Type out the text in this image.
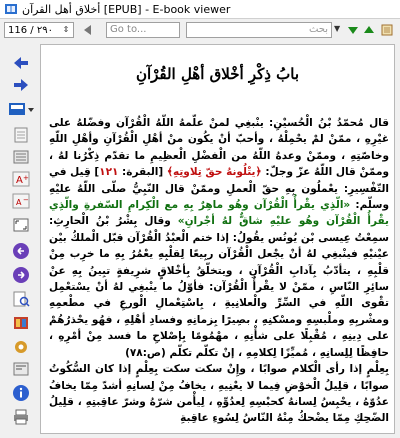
أخلاق أهل القرآن [EPUB] - E-book viewer
116 / ٢٩٠	⇕	Go to...	بحث ▼
A +
A −
بابُ ذِكْرِ أخْلاق أهْلِ القُرْآنِ

قال مُحمّدُ بْنُ الْحُسيْنِ: ينْبغِي لمنْ علّمهُ اللّهُ الْقُرْآن وفضّلهُ على غيْرِهِ ، ممّنْ لمْ يحْمِلْهُ ، وأحبّ أنْ يكُون منْ أهْلِ الْقُرْآنِ وأهْلِ اللّهِ وخاصّتِهِ ، وممّنْ وعدهُ اللّهُ من الْفضْلِ الْعظِيمِ ما تقدّم ذِكْرُنا لهُ ، وممّنْ قال اللّهُ عزّ وجلّ: ﴿يتْلُونهُ حقّ تِلاوتِهِ﴾ [البقرة: ١٢١] قِيل في التّفْسِيرِ: يعْملُون بِهِ حقّ الْعملِ وممّنْ قال النّبِيُّ صلّى اللّهُ عليْهِ وسلّم: «الّذِي يقْرأُ الْقُرْآن وهُو ماهِرٌ بِهِ مع الْكِرامِ السّفرةِ والّذِي يقْرأُ الْقُرْآن وهُو عليْهِ شاقٌّ لهُ أجْرانِ» وقال بِشْرُ بْنُ الْحارِثِ: سمِعْتُ عِيسى بْن يُونُس يقُولُ: إذا ختم الْعبْدُ الْقُرْآن قبّل الْملكُ بيْن عيْنيْهِ فينْبغِي لهُ أنْ يجْعل الْقُرْآن ربِيعًا لِقلْبِهِ يعْمُرُ بِهِ ما خرِب مِنْ قلْبِهِ ، يتأدّبُ بِآدابِ الْقُرْآنِ ، ويتخلّقُ بِأخْلاقٍ شرِيفةٍ تبِينُ بِهِ عنْ سائِرِ النّاسِ ، ممّنْ لا يقْرأُ الْقُرْآن: فأوّلُ ما ينْبغِي لهُ أنْ يسْتعْمِل تقْوى اللّهِ في السِّرِّ والْعلانِيةِ ، بِاسْتِعْمالِ الْورعِ في مطْعمِهِ ومشْربِهِ وملْبسِهِ ومسْكنِهِ ، بصِيرًا بِزمانِهِ وفسادِ أهْلِهِ ، فهُو يحْذرُهُمْ على دِينِهِ ، مُقْبِلًا على شأْنِهِ ، مهْمُومًا بِإصْلاحِ ما فسد مِنْ أمْرِهِ ، حافِظًا لِلِسانِهِ ، مُميِّزًا لِكلامِهِ ، إنْ تكلّم تكلّم (ص:٧٨)

بِعِلْمٍ إذا رأى الْكلام صوابًا ، وإِنْ سكت سكت بِعِلْمٍ إذا كان السُّكُوتُ صوابًا ، قلِيلُ الْخوْضِ فِيما لا يعْنِيهِ ، يخافُ مِنْ لِسانِهِ أشدّ مِمّا يخافُ عدُوّهُ ، يحْبِسُ لِسانهُ كحبْسِهِ لِعدُوِّهِ ، لِيأْمن شرّهُ وشرّ عاقِبتِهِ ، قلِيلُ الضّحِكِ مِمّا يضْحكُ مِنْهُ النّاسُ لِسُوءِ عاقِبةِ
